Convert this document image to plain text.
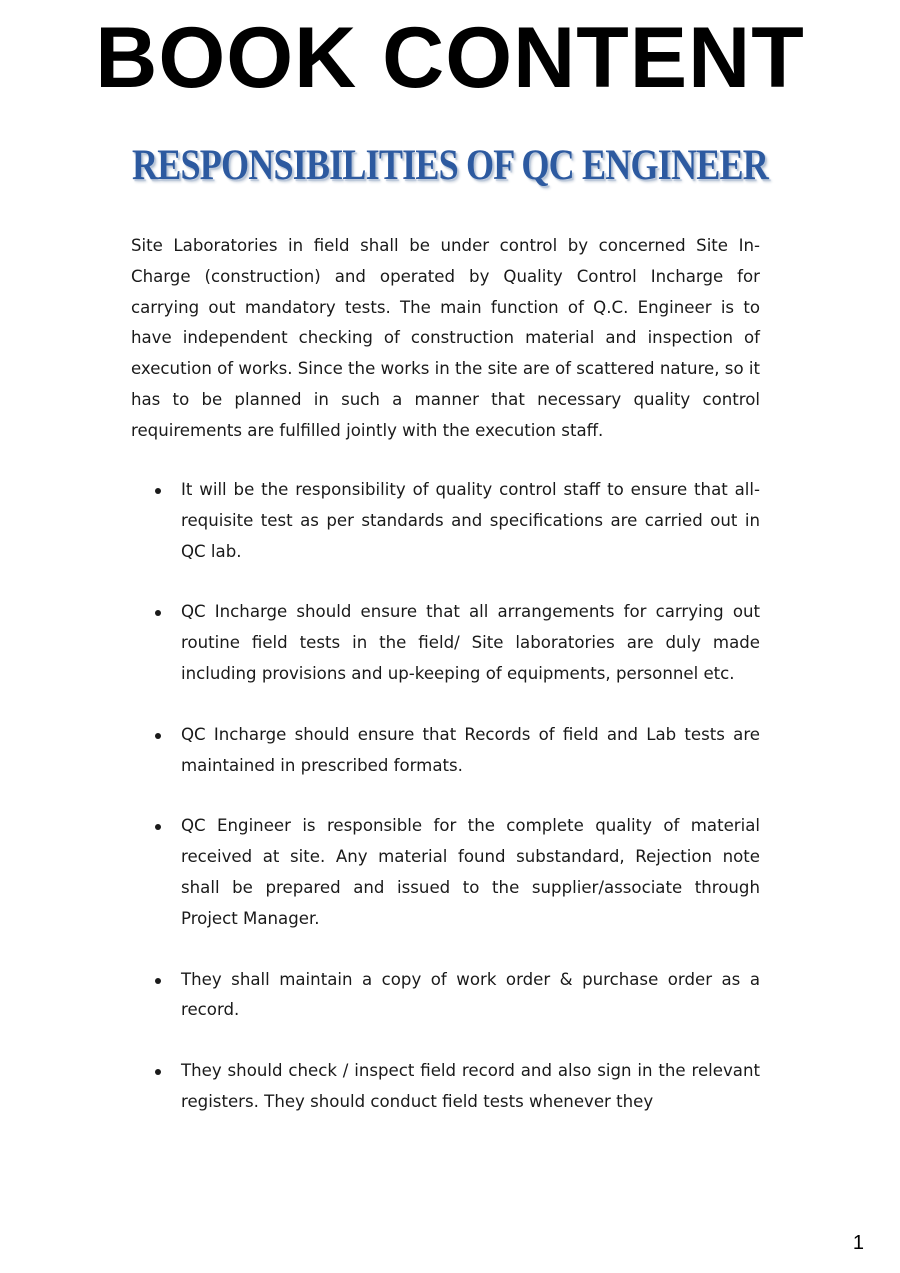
BOOK CONTENT
RESPONSIBILITIES OF QC ENGINEER

Site Laboratories in field shall be under control by concerned Site In-Charge (construction) and operated by Quality Control Incharge for carrying out mandatory tests. The main function of Q.C. Engineer is to have independent checking of construction material and inspection of execution of works. Since the works in the site are of scattered nature, so it has to be planned in such a manner that necessary quality control requirements are fulfilled jointly with the execution staff.

It will be the responsibility of quality control staff to ensure that all-requisite test as per standards and specifications are carried out in QC lab.
QC Incharge should ensure that all arrangements for carrying out routine field tests in the field/ Site laboratories are duly made including provisions and up-keeping of equipments, personnel etc.
QC Incharge should ensure that Records of field and Lab tests are maintained in prescribed formats.
QC Engineer is responsible for the complete quality of material received at site. Any material found substandard, Rejection note shall be prepared and issued to the supplier/associate through Project Manager.
They shall maintain a copy of work order & purchase order as a record.
They should check / inspect field record and also sign in the relevant registers. They should conduct field tests whenever they
1
